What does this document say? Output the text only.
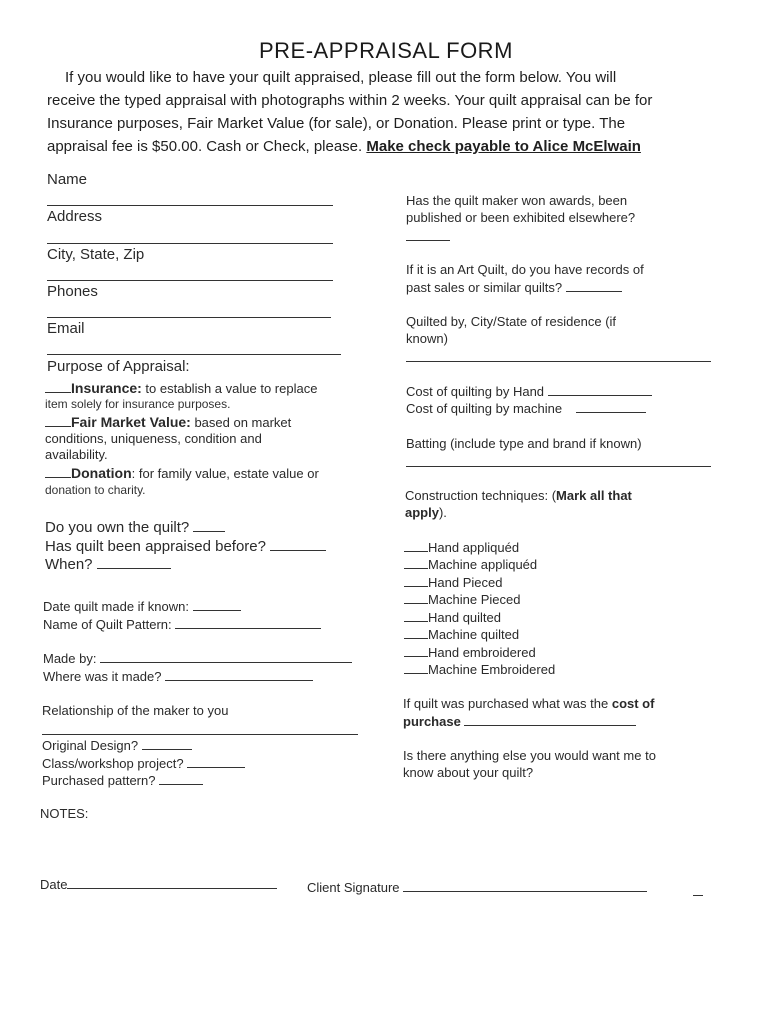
PRE-APPRAISAL FORM
If you would like to have your quilt appraised, please fill out the form below. You will
receive the typed appraisal with photographs within 2 weeks. Your quilt appraisal can be for
Insurance purposes, Fair Market Value (for sale), or Donation. Please print or type. The
appraisal fee is $50.00. Cash or Check, please. Make check payable to Alice McElwain
Name
Address
City, State, Zip
Phones
Email
Purpose of Appraisal:
Insurance: to establish a value to replace
item solely for insurance purposes.
Fair Market Value: based on market
conditions, uniqueness, condition and
availability.
Donation: for family value, estate value or
donation to charity.
Do you own the quilt?
Has quilt been appraised before?
When?
Date quilt made if known:
Name of Quilt Pattern:
Made by:
Where was it made?
Relationship of the maker to you
Original Design?
Class/workshop project?
Purchased pattern?
NOTES:
Has the quilt maker won awards, been
published or been exhibited elsewhere?
If it is an Art Quilt, do you have records of
past sales or similar quilts?
Quilted by, City/State of residence (if
known)
Cost of quilting by Hand
Cost of quilting by machine
Batting (include type and brand if known)
Construction techniques: (Mark all that
apply).
Hand appliquéd
Machine appliquéd
Hand Pieced
Machine Pieced
Hand quilted
Machine quilted
Hand embroidered
Machine Embroidered
If quilt was purchased what was the cost of
purchase
Is there anything else you would want me to
know about your quilt?
Date	Client Signature
